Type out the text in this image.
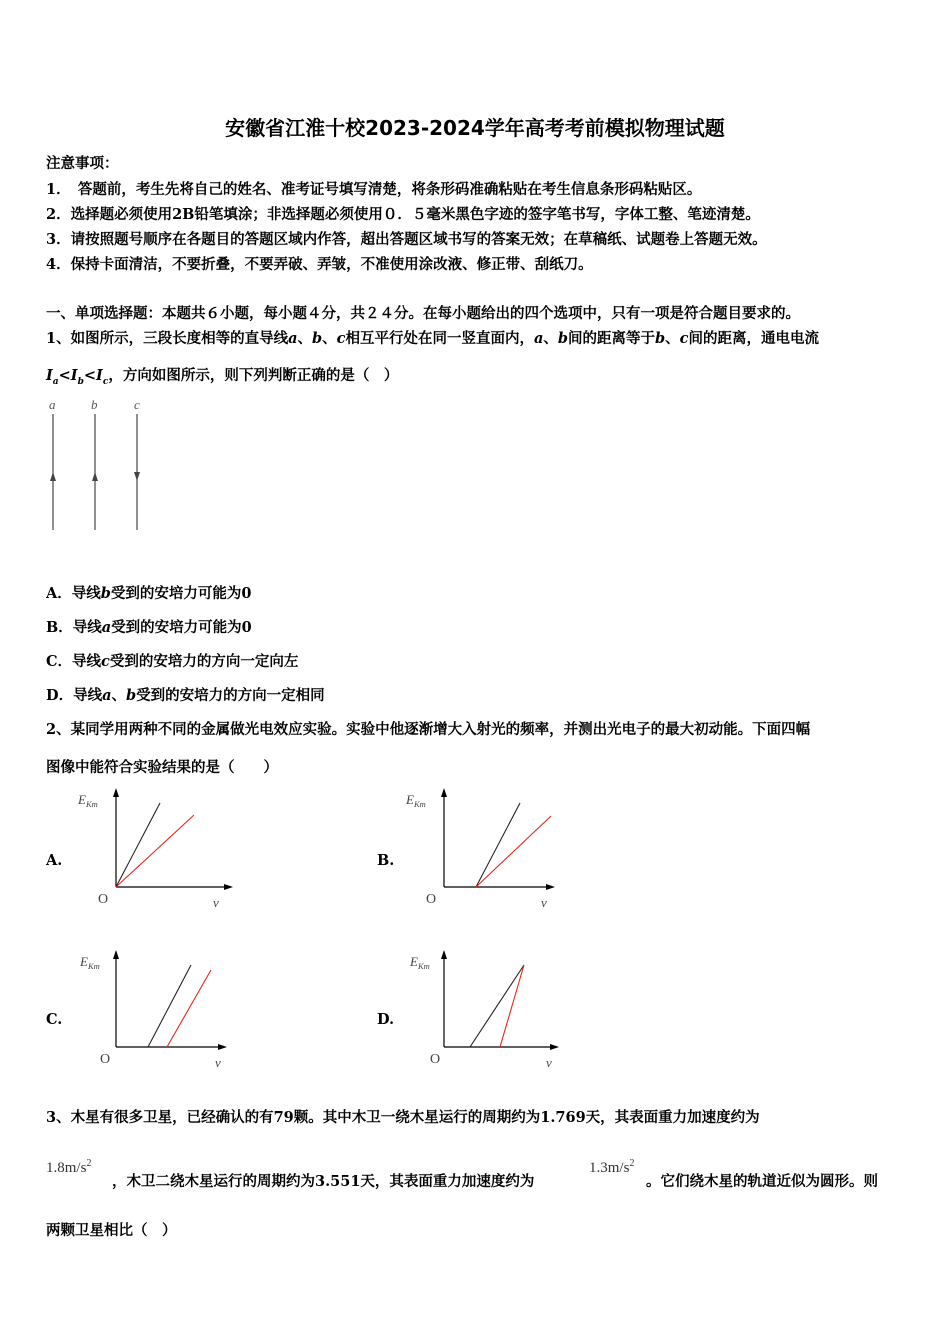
安徽省江淮十校2023-2024学年高考考前模拟物理试题
注意事项：
1．　答题前，考生先将自己的姓名、准考证号填写清楚，将条形码准确粘贴在考生信息条形码粘贴区。
2．选择题必须使用2B铅笔填涂；非选择题必须使用０．５毫米黑色字迹的签字笔书写，字体工整、笔迹清楚。
3．请按照题号顺序在各题目的答题区域内作答，超出答题区域书写的答案无效；在草稿纸、试题卷上答题无效。
4．保持卡面清洁，不要折叠，不要弄破、弄皱，不准使用涂改液、修正带、刮纸刀。
一、单项选择题：本题共６小题，每小题４分，共２４分。在每小题给出的四个选项中，只有一项是符合题目要求的。
1、如图所示，三段长度相等的直导线a、b、c相互平行处在同一竖直面内，a、b间的距离等于b、c间的距离，通电电流
$I_a<I_b<I_c$，方向如图所示，则下列判断正确的是（　）
a	b	c
A．导线b受到的安培力可能为0
B．导线a受到的安培力可能为0
C．导线c受到的安培力的方向一定向左
D．导线a、b受到的安培力的方向一定相同
2、某同学用两种不同的金属做光电效应实验。实验中他逐渐增大入射光的频率，并测出光电子的最大初动能。下面四幅
图像中能符合实验结果的是（　　）
A.
$E_{Km}$
O	v
B.
$E_{Km}$
O	v
C.
$E_{Km}$
O	v
D.
$E_{Km}$
O	v
3、木星有很多卫星，已经确认的有79颗。其中木卫一绕木星运行的周期约为1.769天，其表面重力加速度约为
$1.8m/s^2$
，木卫二绕木星运行的周期约为3.551天，其表面重力加速度约为
$1.3m/s^2$
。它们绕木星的轨道近似为圆形。则
两颗卫星相比（　）
